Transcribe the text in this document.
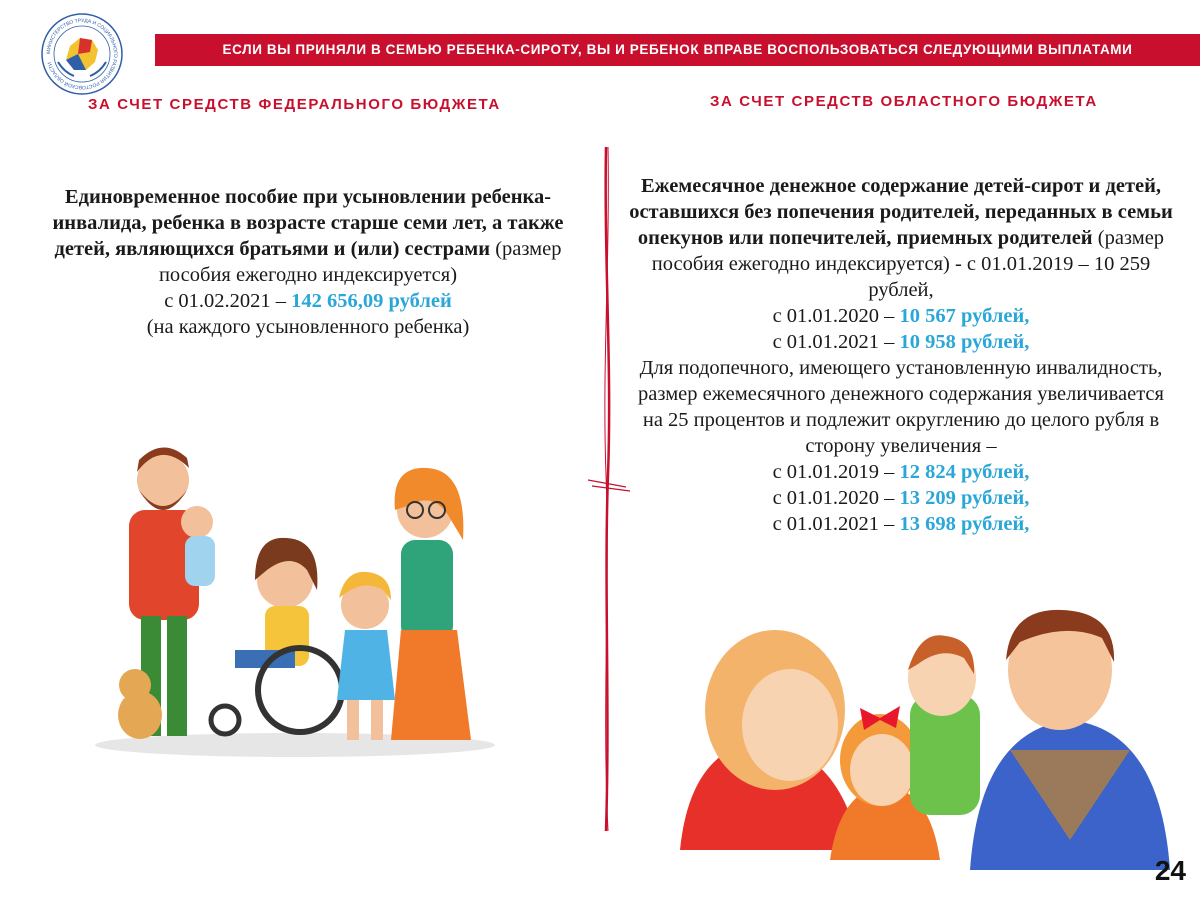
МИНИСТЕРСТВО ТРУДА И СОЦИАЛЬНОГО РАЗВИТИЯ РОСТОВСКОЙ ОБЛАСТИ
ЕСЛИ ВЫ ПРИНЯЛИ В СЕМЬЮ РЕБЕНКА-СИРОТУ, ВЫ И РЕБЕНОК ВПРАВЕ ВОСПОЛЬЗОВАТЬСЯ СЛЕДУЮЩИМИ ВЫПЛАТАМИ
ЗА СЧЕТ СРЕДСТВ ФЕДЕРАЛЬНОГО БЮДЖЕТА	ЗА СЧЕТ СРЕДСТВ ОБЛАСТНОГО БЮДЖЕТА
Единовременное пособие при усыновлении ребенка-инвалида, ребенка в возрасте старше семи лет, а также детей, являющихся братьями и (или) сестрами (размер пособия ежегодно индексируется)
с 01.02.2021 – 142 656,09 рублей
(на каждого усыновленного ребенка)
Ежемесячное денежное содержание детей-сирот и детей, оставшихся без попечения родителей, переданных в семьи опекунов или попечителей, приемных родителей (размер пособия ежегодно индексируется) - с 01.01.2019 – 10 259 рублей,
с 01.01.2020 – 10 567 рублей,
с 01.01.2021 – 10 958 рублей,
Для подопечного, имеющего установленную инвалидность, размер ежемесячного денежного содержания увеличивается на 25 процентов и подлежит округлению до целого рубля в сторону увеличения –
с 01.01.2019 – 12 824 рублей,
с 01.01.2020 – 13 209 рублей,
с 01.01.2021 – 13 698 рублей,
24
